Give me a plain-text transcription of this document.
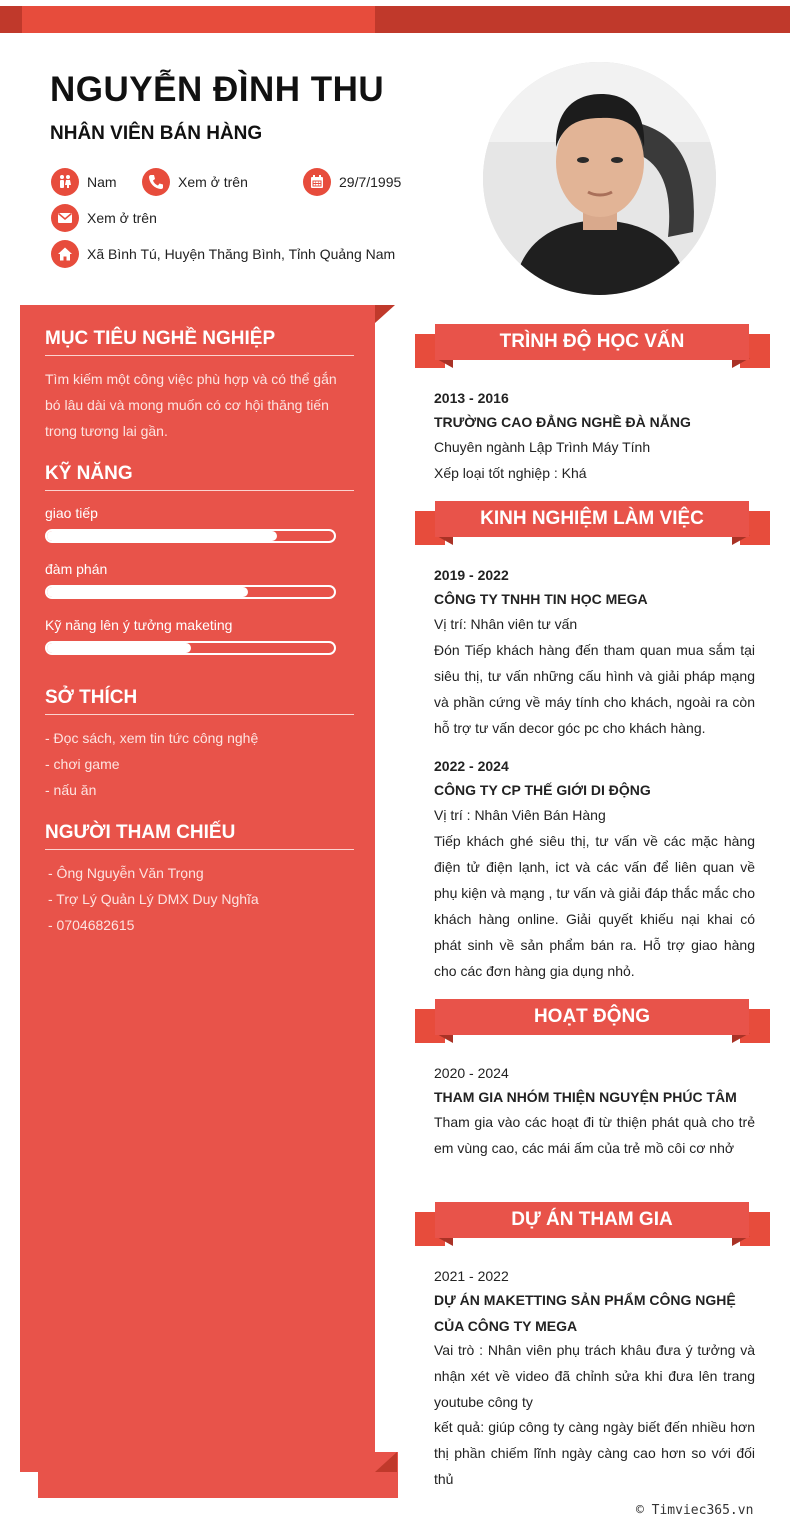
NGUYỄN ĐÌNH THU
NHÂN VIÊN BÁN HÀNG
Nam	Xem ở trên	29/7/1995
Xem ở trên
Xã Bình Tú, Huyện Thăng Bình, Tỉnh Quảng Nam
MỤC TIÊU NGHỀ NGHIỆP
Tìm kiếm một công việc phù hợp và có thể gắn bó lâu dài và mong muốn có cơ hội thăng tiến trong tương lai gần.
KỸ NĂNG
giao tiếp
đàm phán
Kỹ năng lên ý tưởng maketing
SỞ THÍCH
- Đọc sách, xem tin tức công nghệ
- chơi game
- nấu ăn
NGƯỜI THAM CHIẾU
- Ông Nguyễn Văn Trọng
- Trợ Lý Quản Lý DMX Duy Nghĩa
- 0704682615
TRÌNH ĐỘ HỌC VẤN
2013 - 2016
TRƯỜNG CAO ĐẲNG NGHỀ ĐÀ NẴNG
Chuyên ngành Lập Trình Máy Tính
Xếp loại tốt nghiệp : Khá
KINH NGHIỆM LÀM VIỆC
2019 - 2022
CÔNG TY TNHH TIN HỌC MEGA
Vị trí: Nhân viên tư vấn
Đón Tiếp khách hàng đến tham quan mua sắm tại siêu thị, tư vấn những cấu hình và giải pháp mạng và phần cứng về máy tính cho khách, ngoài ra còn hỗ trợ tư vấn decor góc pc cho khách hàng.
2022 - 2024
CÔNG TY CP THẾ GIỚI DI ĐỘNG
Vị trí : Nhân Viên Bán Hàng
Tiếp khách ghé siêu thị, tư vấn về các mặc hàng điện tử điện lạnh, ict và các vấn để liên quan về phụ kiện và mạng , tư vấn và giải đáp thắc mắc cho khách hàng online. Giải quyết khiếu nại khai có phát sinh về sản phẩm bán ra. Hỗ trợ giao hàng cho các đơn hàng gia dụng nhỏ.
HOẠT ĐỘNG
2020 - 2024
THAM GIA NHÓM THIỆN NGUYỆN PHÚC TÂM
Tham gia vào các hoạt đi từ thiện phát quà cho trẻ em vùng cao, các mái ấm của trẻ mồ côi cơ nhở
DỰ ÁN THAM GIA
2021 - 2022
DỰ ÁN MAKETTING SẢN PHẨM CÔNG NGHỆ CỦA CÔNG TY MEGA
Vai trò : Nhân viên phụ trách khâu đưa ý tưởng và nhận xét về video đã chỉnh sửa khi đưa lên trang youtube công ty
kết quả: giúp công ty càng ngày biết đến nhiều hơn thị phần chiếm lĩnh ngày càng cao hơn so với đối thủ
© Timviec365.vn
